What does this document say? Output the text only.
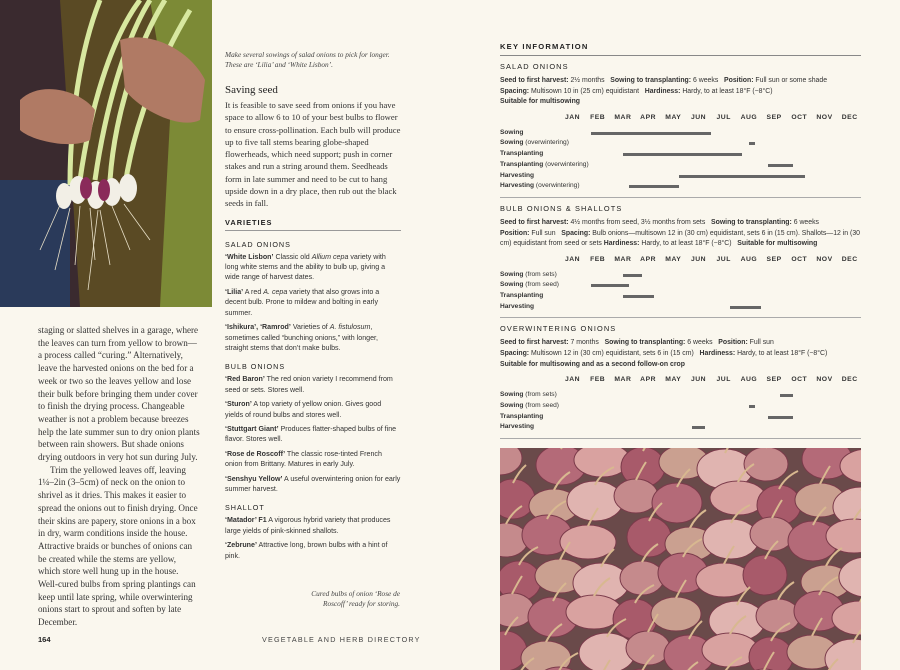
staging or slatted shelves in a garage, where the leaves can turn from yellow to brown—a process called “curing.” Alternatively, leave the harvested onions on the bed for a week or two so the leaves yellow and lose their bulk before bringing them under cover to finish the drying process. Changeable weather is not a problem because breezes help the late summer sun to dry onion plants between rain showers. But shade onions drying outdoors in very hot sun during July.

Trim the yellowed leaves off, leaving 1¼–2in (3–5cm) of neck on the onion to shrivel as it dries. This makes it easier to spread the onions out to finish drying. Once their skins are papery, store onions in a box in dry, warm conditions inside the house. Attractive braids or bunches of onions can be created while the stems are yellow, which store well hung up in the house. Well-cured bulbs from spring plantings can keep until late spring, while overwintering onions start to sprout and soften by late December.

Make several sowings of salad onions to pick for longer. These are ‘Lilia’ and ‘White Lisbon’.
Saving seed
It is feasible to save seed from onions if you have space to allow 6 to 10 of your best bulbs to flower to ensure cross-pollination. Each bulb will produce up to five tall stems bearing globe-shaped flowerheads, which need support; push in corner stakes and run a string around them. Seedheads form in late summer and need to be cut to hang upside down in a dry place, then rub out the black seeds in fall.
VARIETIES
SALAD ONIONS
‘White Lisbon’ Classic old Allium cepa variety with long white stems and the ability to bulb up, giving a wide range of harvest dates.
‘Lilia’ A red A. cepa variety that also grows into a decent bulb. Prone to mildew and bolting in early summer.
‘Ishikura’, ‘Ramrod’ Varieties of A. fistulosum, sometimes called “bunching onions,” with longer, straight stems that don’t make bulbs.
BULB ONIONS
‘Red Baron’ The red onion variety I recommend from seed or sets. Stores well.
‘Sturon’ A top variety of yellow onion. Gives good yields of round bulbs and stores well.
‘Stuttgart Giant’ Produces flatter-shaped bulbs of fine flavor. Stores well.
‘Rose de Roscoff’ The classic rose-tinted French onion from Brittany. Matures in early July.
‘Senshyu Yellow’ A useful overwintering onion for early summer harvest.
SHALLOT
‘Matador’ F1 A vigorous hybrid variety that produces large yields of pink-skinned shallots.
‘Zebrune’ Attractive long, brown bulbs with a hint of pink.
Cured bulbs of onion ‘Rose de Roscoff’ ready for storing.
164	VEGETABLE AND HERB DIRECTORY
KEY INFORMATION
SALAD ONIONS
Seed to first harvest: 2½ months   Sowing to transplanting: 6 weeks   Position: Full sun or some shade
Spacing: Multisown 10 in (25 cm) equidistant   Hardiness: Hardy, to at least 18°F (−8°C)
Suitable for multisowing
JAN	FEB	MAR	APR	MAY	JUN	JUL	AUG	SEP	OCT	NOV	DEC
Sowing
Sowing (overwintering)
Transplanting
Transplanting (overwintering)
Harvesting
Harvesting (overwintering)
BULB ONIONS & SHALLOTS
Seed to first harvest: 4½ months from seed, 3½ months from sets   Sowing to transplanting: 6 weeks
Position: Full sun   Spacing: Bulb onions—multisown 12 in (30 cm) equidistant, sets 6 in (15 cm). Shallots—12 in (30 cm) equidistant from seed or sets Hardiness: Hardy, to at least 18°F (−8°C)   Suitable for multisowing
JAN	FEB	MAR	APR	MAY	JUN	JUL	AUG	SEP	OCT	NOV	DEC
Sowing (from sets)
Sowing (from seed)
Transplanting
Harvesting
OVERWINTERING ONIONS
Seed to first harvest: 7 months   Sowing to transplanting: 6 weeks   Position: Full sun
Spacing: Multisown 12 in (30 cm) equidistant, sets 6 in (15 cm)   Hardiness: Hardy, to at least 18°F (−8°C)
Suitable for multisowing and as a second follow-on crop
JAN	FEB	MAR	APR	MAY	JUN	JUL	AUG	SEP	OCT	NOV	DEC
Sowing (from sets)
Sowing (from seed)
Transplanting
Harvesting
